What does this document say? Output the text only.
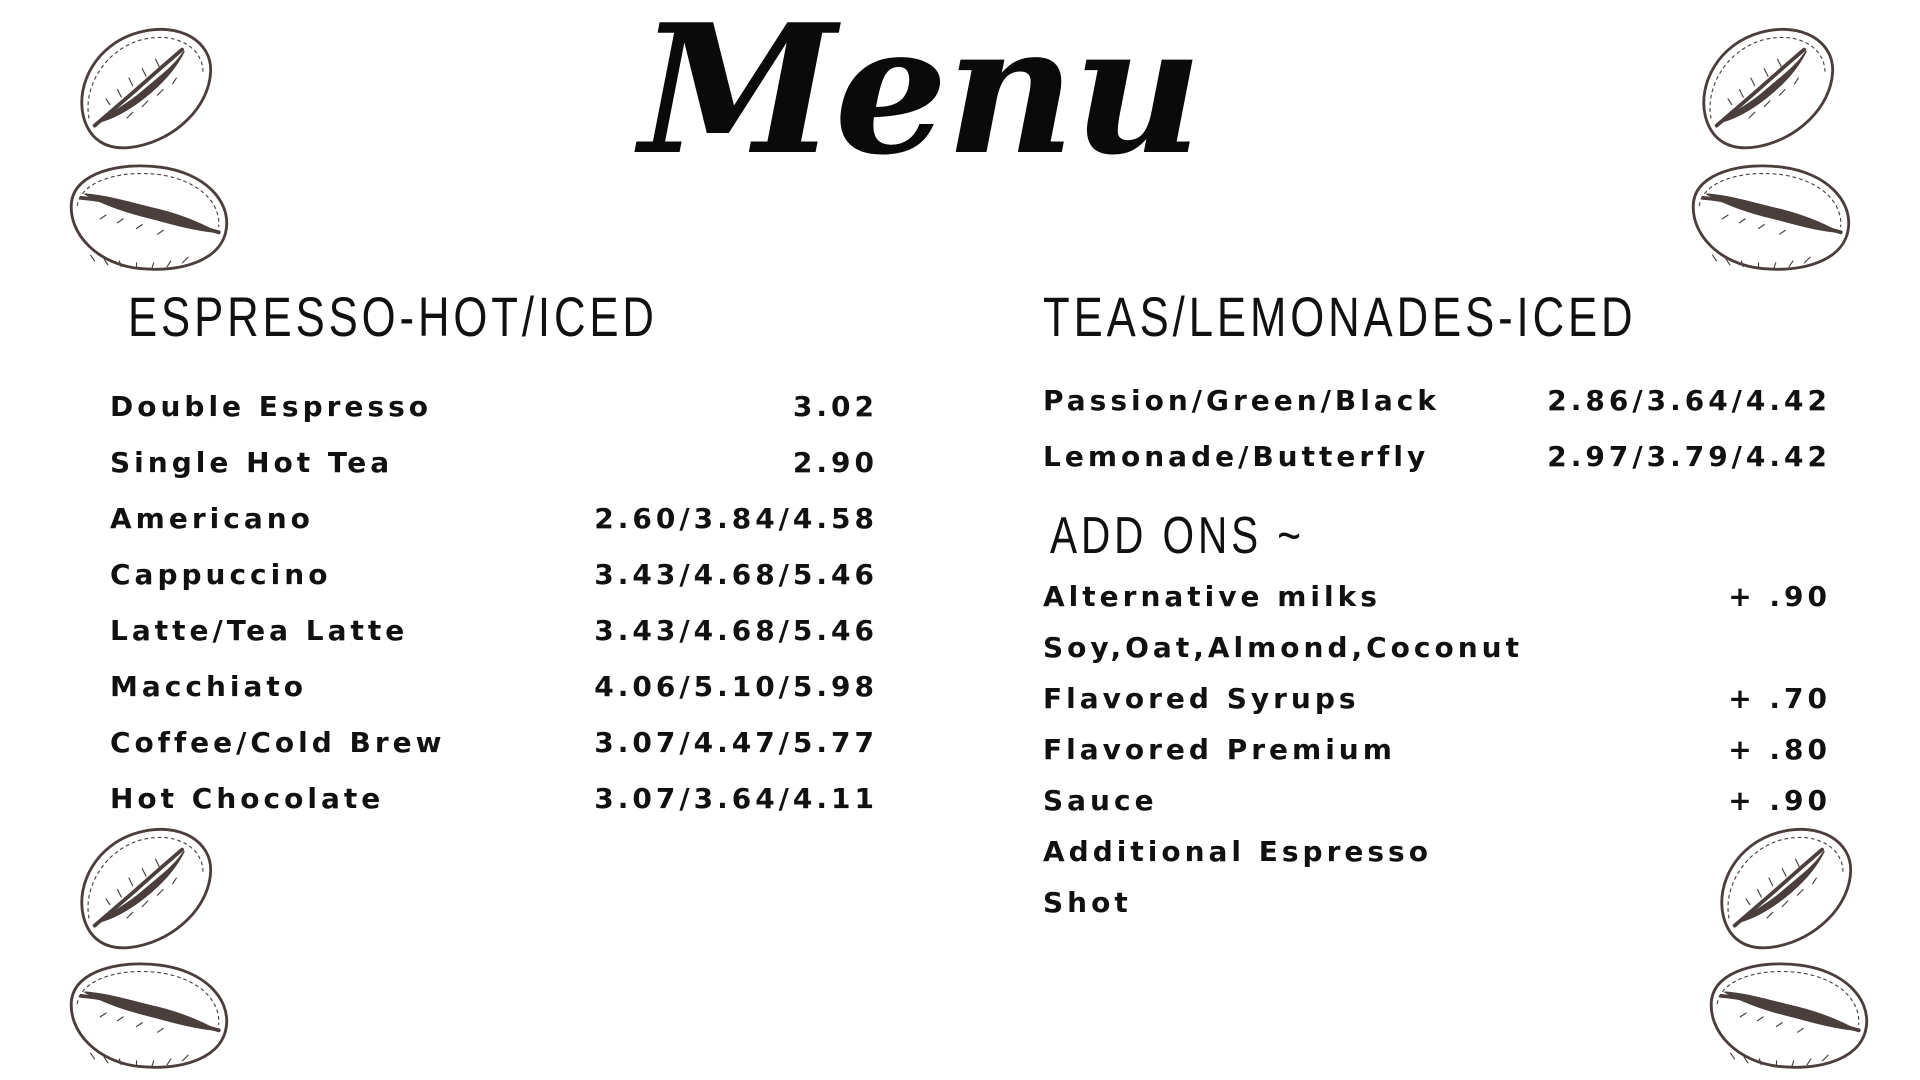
Menu
ESPRESSO-HOT/ICED	TEAS/LEMONADES-ICED
ADD ONS ~
Double Espresso	3.02
Single Hot Tea	2.90
Americano	2.60/3.84/4.58
Cappuccino	3.43/4.68/5.46
Latte/Tea Latte	3.43/4.68/5.46
Macchiato	4.06/5.10/5.98
Coffee/Cold Brew	3.07/4.47/5.77
Hot Chocolate	3.07/3.64/4.11
Passion/Green/Black	2.86/3.64/4.42
Lemonade/Butterfly	2.97/3.79/4.42
Alternative milks	+ .90
Soy,Oat,Almond,Coconut
Flavored Syrups	+ .70
Flavored Premium	+ .80
Sauce	+ .90
Additional Espresso
Shot
